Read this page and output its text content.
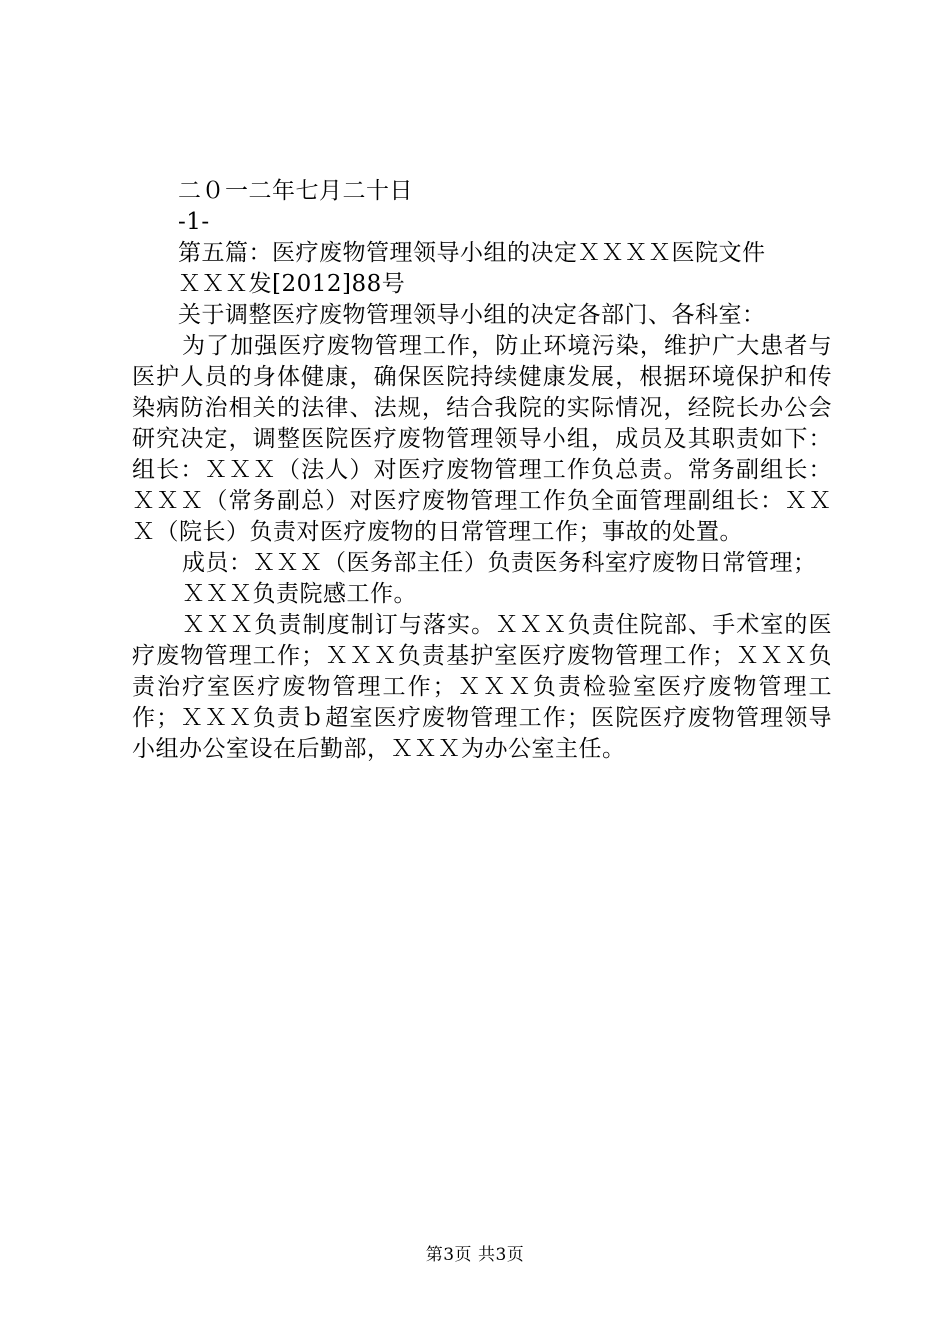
二０一二年七月二十日

-1-

第五篇：医疗废物管理领导小组的决定ＸＸＸＸ医院文件

ＸＸＸ发[2012]88号

关于调整医疗废物管理领导小组的决定各部门、各科室：

为了加强医疗废物管理工作，防止环境污染，维护广大患者与医护人员的身体健康，确保医院持续健康发展，根据环境保护和传染病防治相关的法律、法规，结合我院的实际情况，经院长办公会研究决定，调整医院医疗废物管理领导小组，成员及其职责如下：组长：ＸＸＸ（法人）对医疗废物管理工作负总责。常务副组长：ＸＸＸ（常务副总）对医疗废物管理工作负全面管理副组长：ＸＸＸ（院长）负责对医疗废物的日常管理工作；事故的处置。

成员：ＸＸＸ（医务部主任）负责医务科室疗废物日常管理；

ＸＸＸ负责院感工作。

ＸＸＸ负责制度制订与落实。ＸＸＸ负责住院部、手术室的医疗废物管理工作；ＸＸＸ负责基护室医疗废物管理工作；ＸＸＸ负责治疗室医疗废物管理工作；ＸＸＸ负责检验室医疗废物管理工作；ＸＸＸ负责ｂ超室医疗废物管理工作；医院医疗废物管理领导小组办公室设在后勤部，ＸＸＸ为办公室主任。

第3页 共3页
